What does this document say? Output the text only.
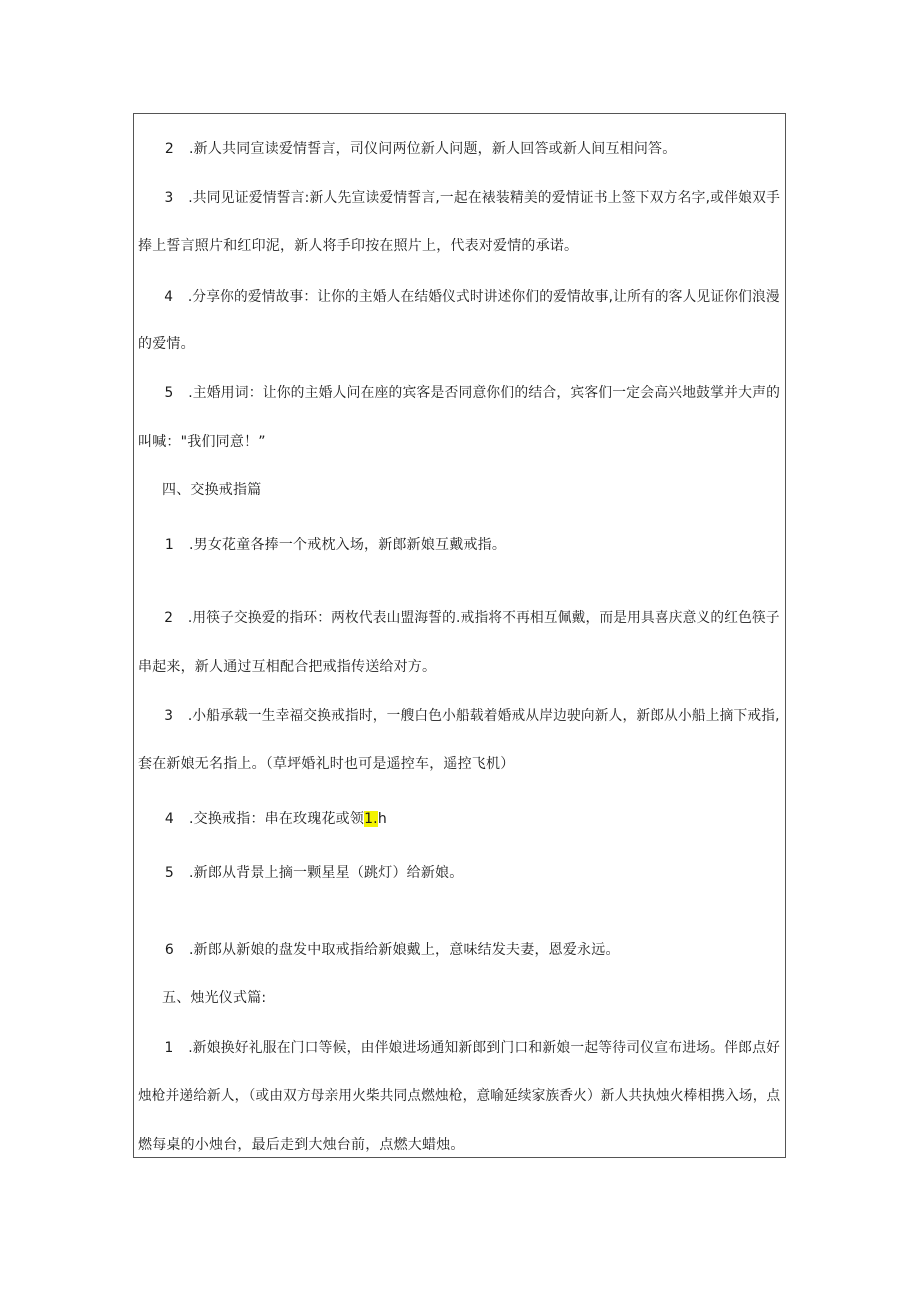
2 .新人共同宣读爱情誓言，司仪问两位新人问题，新人回答或新人间互相问答。
3 .共同见证爱情誓言:新人先宣读爱情誓言,一起在裱装精美的爱情证书上签下双方名字,或伴娘双手
捧上誓言照片和红印泥，新人将手印按在照片上，代表对爱情的承诺。
4 .分享你的爱情故事：让你的主婚人在结婚仪式时讲述你们的爱情故事,让所有的客人见证你们浪漫
的爱情。
5 .主婚用词：让你的主婚人问在座的宾客是否同意你们的结合，宾客们一定会高兴地鼓掌并大声的
叫喊："我们同意！”
四、交换戒指篇
1 .男女花童各捧一个戒枕入场，新郎新娘互戴戒指。
2 .用筷子交换爱的指环：两枚代表山盟海誓的.戒指将不再相互佩戴，而是用具喜庆意义的红色筷子
串起来，新人通过互相配合把戒指传送给对方。
3 .小船承载一生幸福交换戒指时，一艘白色小船载着婚戒从岸边驶向新人，新郎从小船上摘下戒指,
套在新娘无名指上。（草坪婚礼时也可是遥控车，遥控飞机）
4 .交换戒指：串在玫瑰花或领1.h
5 .新郎从背景上摘一颗星星（跳灯）给新娘。
6 .新郎从新娘的盘发中取戒指给新娘戴上，意味结发夫妻，恩爱永远。
五、烛光仪式篇:
1 .新娘换好礼服在门口等候，由伴娘进场通知新郎到门口和新娘一起等待司仪宣布进场。伴郎点好
烛枪并递给新人，（或由双方母亲用火柴共同点燃烛枪，意喻延续家族香火）新人共执烛火棒相携入场，点
燃每桌的小烛台，最后走到大烛台前，点燃大蜡烛。
